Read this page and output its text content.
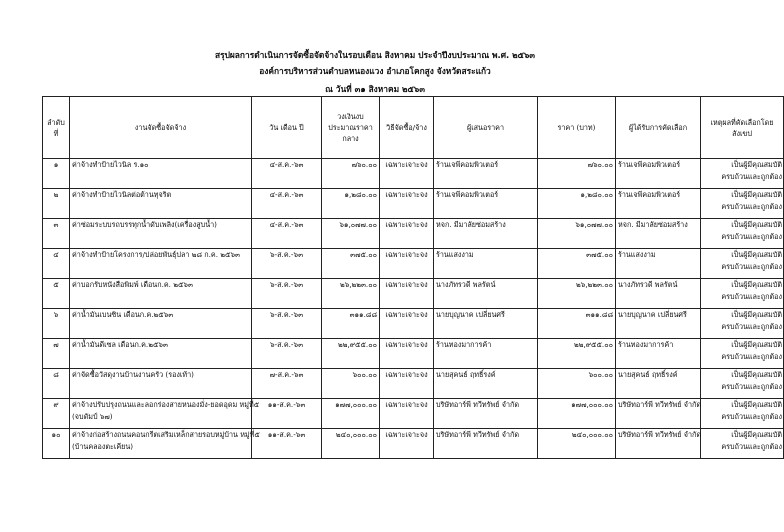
สรุปผลการดำเนินการจัดซื้อจัดจ้างในรอบเดือน สิงหาคม ประจำปีงบประมาณ พ.ศ. ๒๕๖๓
องค์การบริหารส่วนตำบลหนองแวง อำเภอโคกสูง จังหวัดสระแก้ว
ณ วันที่ ๓๑ สิงหาคม ๒๕๖๓
ลำดับที่	งานจัดซื้อจัดจ้าง	วัน เดือน ปี	วงเงินงบประมาณราคากลาง	วิธีจัดซื้อ/จ้าง	ผู้เสนอราคา	ราคา (บาท)	ผู้ได้รับการคัดเลือก	เหตุผลที่คัดเลือกโดยสังเขป

๑	ค่าจ้างทำป้ายไวนิล ร.๑๐	๔-ส.ค.-๖๓	๗๖๐.๐๐	เฉพาะเจาะจง	ร้านเจพีคอมพิวเตอร์	๗๖๐.๐๐	ร้านเจพีคอมพิวเตอร์	เป็นผู้มีคุณสมบัติ
ครบถ้วนและถูกต้อง

๒	ค่าจ้างทำป้ายไวนิลต่อต้านทุจริต	๔-ส.ค.-๖๓	๑,๒๘๐.๐๐	เฉพาะเจาะจง	ร้านเจพีคอมพิวเตอร์	๑,๒๘๐.๐๐	ร้านเจพีคอมพิวเตอร์	เป็นผู้มีคุณสมบัติ
ครบถ้วนและถูกต้อง

๓	ค่าซ่อมระบบรถบรรทุกน้ำดับเพลิง(เครื่องสูบน้ำ)	๔-ส.ค.-๖๓	๖๑,๐๗๗.๐๐	เฉพาะเจาะจง	หจก. มีมาลัยซ่อมสร้าง	๖๑,๐๗๗.๐๐	หจก. มีมาลัยซ่อมสร้าง	เป็นผู้มีคุณสมบัติ
ครบถ้วนและถูกต้อง

๔	ค่าจ้างทำป้ายโครงการ/ปล่อยพันธุ์ปลา ๒๘ ก.ค. ๒๕๖๓	๖-ส.ค.-๖๓	๓๗๕.๐๐	เฉพาะเจาะจง	ร้านแสงงาม	๓๗๕.๐๐	ร้านแสงงาม	เป็นผู้มีคุณสมบัติ
ครบถ้วนและถูกต้อง

๕	ค่าบอกรับหนังสือพิมพ์ เดือนก.ค. ๒๕๖๓	๖-ส.ค.-๖๓	๒๖,๒๒๓.๐๐	เฉพาะเจาะจง	นางภัทรวดี พลรัตน์	๒๖,๒๒๓.๐๐	นางภัทรวดี พลรัตน์	เป็นผู้มีคุณสมบัติ
ครบถ้วนและถูกต้อง

๖	ค่าน้ำมันเบนซิน เดือนก.ค.๒๕๖๓	๖-ส.ค.-๖๓	๓๑๑.๘๘	เฉพาะเจาะจง	นายบุญนาค เปลี่ยนศรี	๓๑๑.๘๘	นายบุญนาค เปลี่ยนศรี	เป็นผู้มีคุณสมบัติ
ครบถ้วนและถูกต้อง

๗	ค่าน้ำมันดีเซล เดือนก.ค.๒๕๖๓	๖-ส.ค.-๖๓	๒๒,๙๕๕.๐๐	เฉพาะเจาะจง	ร้านทองมาการค้า	๒๒,๙๕๕.๐๐	ร้านทองมาการค้า	เป็นผู้มีคุณสมบัติ
ครบถ้วนและถูกต้อง

๘	ค่าจัดซื้อวัสดุงานบ้านงานครัว (รองเท้า)	๗-ส.ค.-๖๓	๖๐๐.๐๐	เฉพาะเจาะจง	นายสุคนธ์ ฤทธิ์รงค์	๖๐๐.๐๐	นายสุคนธ์ ฤทธิ์รงค์	เป็นผู้มีคุณสมบัติ
ครบถ้วนและถูกต้อง

๙	ค่าจ้างปรับปรุงถนนและลอกร่องสายหนองมั่ง-ยอดอุดม หมู่ที่๕
(จบดัมป์ ๖๗)	๑๑-ส.ค.-๖๓	๑๗๗,๐๐๐.๐๐	เฉพาะเจาะจง	บริษัทอาร์พี ทวีทรัพย์ จำกัด	๑๗๗,๐๐๐.๐๐	บริษัทอาร์พี ทวีทรัพย์ จำกัด	เป็นผู้มีคุณสมบัติ
ครบถ้วนและถูกต้อง

๑๐	ค่าจ้างก่อสร้างถนนคอนกรีตเสริมเหล็กสายรอบหมู่บ้าน หมู่ที่๕
(บ้านคลองตะเคียน)	๑๑-ส.ค.-๖๓	๒๔๐,๐๐๐.๐๐	เฉพาะเจาะจง	บริษัทอาร์พี ทวีทรัพย์ จำกัด	๒๔๐,๐๐๐.๐๐	บริษัทอาร์พี ทวีทรัพย์ จำกัด	เป็นผู้มีคุณสมบัติ
ครบถ้วนและถูกต้อง
